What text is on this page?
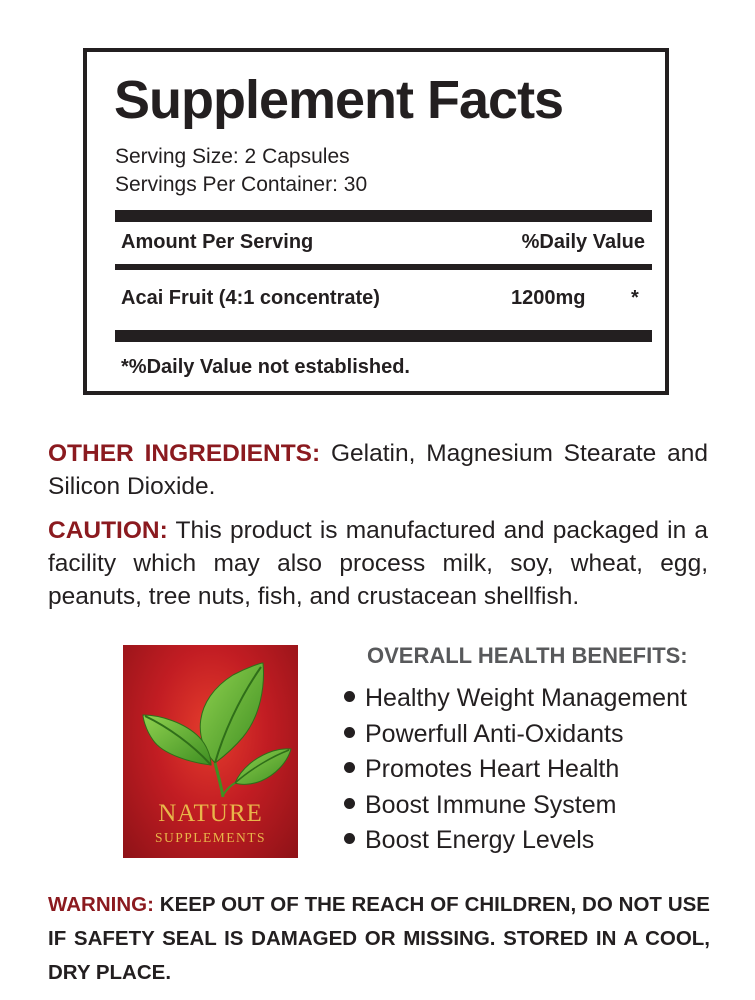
Supplement Facts
Serving Size: 2 Capsules
Servings Per Container: 30
Amount Per Serving	%Daily Value
Acai Fruit (4:1 concentrate)	1200mg *
*%Daily Value not established.
OTHER INGREDIENTS: Gelatin, Magnesium Stearate and Silicon Dioxide.
CAUTION: This product is manufactured and packaged in a facility which may also process milk, soy, wheat, egg, peanuts, tree nuts, fish, and crustacean shellfish.
NATURE
SUPPLEMENTS
OVERALL HEALTH BENEFITS:
Healthy Weight Management
Powerfull Anti-Oxidants
Promotes Heart Health
Boost Immune System
Boost Energy Levels
WARNING: KEEP OUT OF THE REACH OF CHILDREN, DO NOT USE IF SAFETY SEAL IS DAMAGED OR MISSING. STORED IN A COOL, DRY PLACE.
